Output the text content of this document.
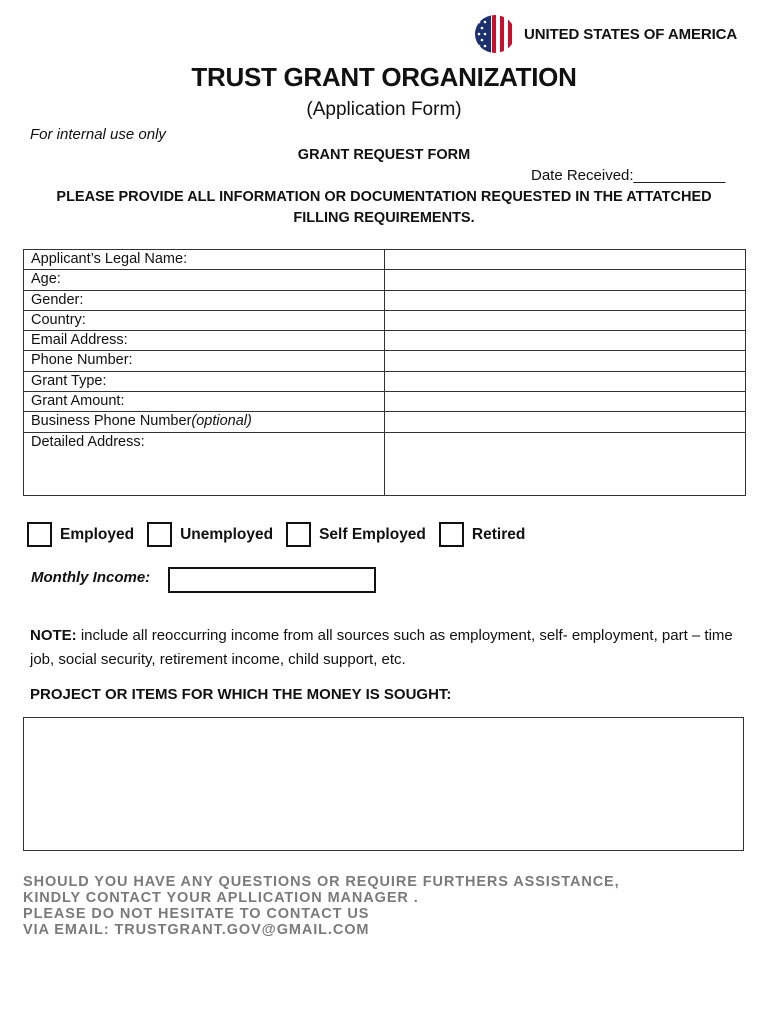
UNITED STATES OF AMERICA
TRUST GRANT ORGANIZATION
(Application Form)
For internal use only
GRANT REQUEST FORM
Date Received:___________
PLEASE PROVIDE ALL INFORMATION OR DOCUMENTATION REQUESTED IN THE ATTATCHED FILLING REQUIREMENTS.
Applicant’s Legal Name:	
Age:	
Gender:	
Country:	
Email Address:	
Phone Number:	
Grant Type:	
Grant Amount:	
Business Phone Number(optional)	
Detailed Address:	
Employed	Unemployed	Self Employed	Retired
Monthly Income:
NOTE: include all reoccurring income from all sources such as employment, self- employment, part – time job, social security, retirement income, child support, etc.
PROJECT OR ITEMS FOR WHICH THE MONEY IS SOUGHT:
SHOULD YOU HAVE ANY QUESTIONS OR REQUIRE FURTHERS ASSISTANCE,
KINDLY CONTACT YOUR APLLICATION MANAGER .
PLEASE DO NOT HESITATE TO CONTACT US
VIA EMAIL: TRUSTGRANT.GOV@GMAIL.COM
